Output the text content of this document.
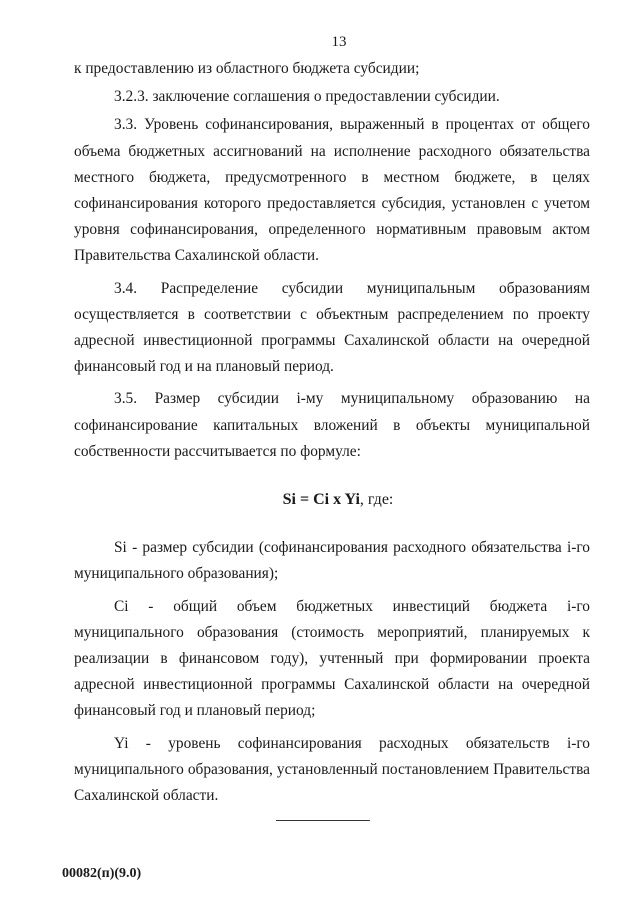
13

к предоставлению из областного бюджета субсидии;

3.2.3. заключение соглашения о предоставлении субсидии.

3.3. Уровень софинансирования, выраженный в процентах от общего объема бюджетных ассигнований на исполнение расходного обязательства местного бюджета, предусмотренного в местном бюджете, в целях софинансирования которого предоставляется субсидия, установлен с учетом уровня софинансирования, определенного нормативным правовым актом Правительства Сахалинской области.

3.4. Распределение субсидии муниципальным образованиям осуществляется в соответствии с объектным распределением по проекту адресной инвестиционной программы Сахалинской области на очередной финансовый год и на плановый период.

3.5. Размер субсидии i-му муниципальному образованию на софинансирование капитальных вложений в объекты муниципальной собственности рассчитывается по формуле:

Si = Ci x Yi, где:

Si - размер субсидии (софинансирования расходного обязательства i-го муниципального образования);

Ci - общий объем бюджетных инвестиций бюджета i-го муниципального образования (стоимость мероприятий, планируемых к реализации в финансовом году), учтенный при формировании проекта адресной инвестиционной программы Сахалинской области на очередной финансовый год и плановый период;

Yi - уровень софинансирования расходных обязательств i-го муниципального образования, установленный постановлением Правительства Сахалинской области.

00082(п)(9.0)
